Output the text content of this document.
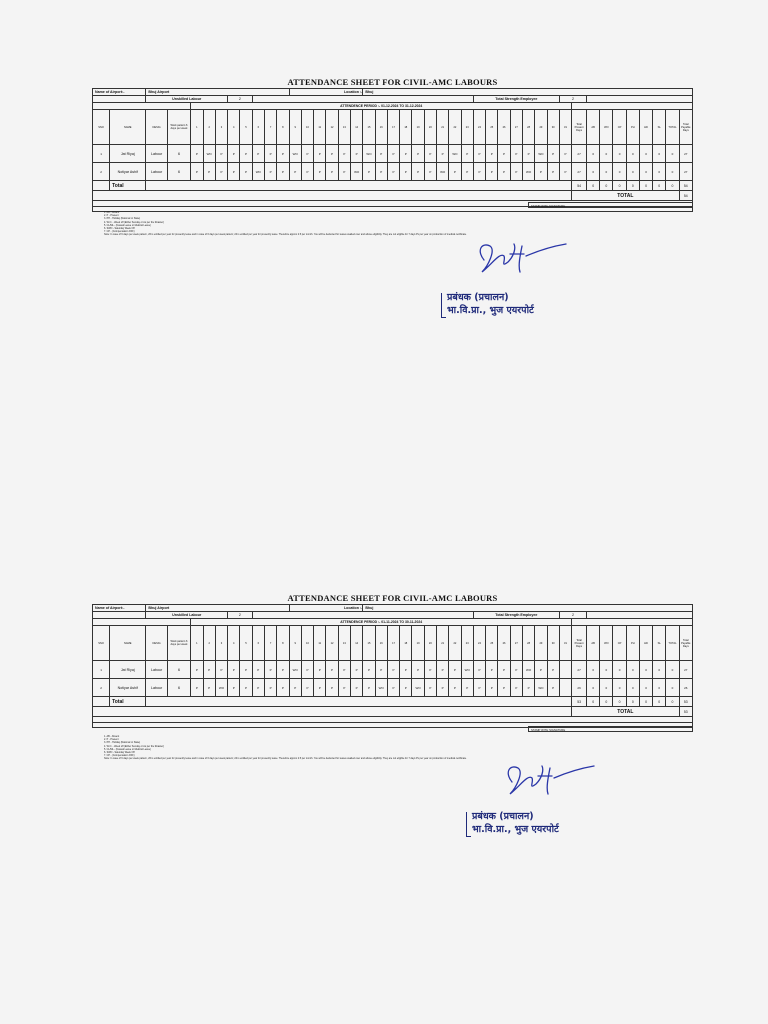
ATTENDANCE SHEET FOR CIVIL-AMC LABOURS
Name of Airport:-		Bhuj Airport										Location :-						Bhuj																									
		Unskilled Labour					2																				Total Strength Employee							2									
				ATTENDENCE PERIOD :- 01-12-2024 TO 31-12-2024																																							
SNO	NAME	DESIG	Work pattern 6 days per week	1	2	3	4	5	6	7	8	9	10	11	12	13	14	15	16	17	18	19	20	21	22	23	24	25	26	27	28	29	30	31	Total Present Days	AB	WO	CP	PH	HD	SL	TOTAL	Total Payable Days
1	Jat Riyaj	Labour	6	P	WO	P	P	P	P	P	P	WO	P	P	P	P	P	WO	P	P	P	P	P	P	WO	P	P	P	P	P	P	WO	P	P	27	0	0	0	0	0	0	0	27
2	Notiyar Ashif	Labour	6	P	P	P	P	P	WO	P	P	P	P	P	P	P	WO	P	P	P	P	P	P	WO	P	P	P	P	P	P	WO	P	P	P	27	0	0	0	0	0	0	0	27
	Total																																		54	0	0	0	0	0	0	0	54
																																			TOTAL								54

STAMP WITH SIGNATURE
1. AB - Absent
2. P - Present
3. PH - Holiday (National or State)
4. W.O. - Week off (Either Sunday or As per the Roaster)
5. CL/ML - (Casual Leave or Medical Leave)
6. SWO - Saturday Week Off
7. CP - (Compensation OFF)
Note: In case of 6 days per week pattern, 26 is entitled per year for presently leave and in case of 6 days per week pattern; 24 is entitled per year for presently leave. Therefore approx 2.5 per month. You will be deducted for leaves availed over and above eligibility. They are not eligible for 7 days PL per year on production of medical certificate.
प्रबंधक (प्रचालन)
भा.वि.प्रा., भुज एयरपोर्ट
ATTENDANCE SHEET FOR CIVIL-AMC LABOURS
Name of Airport:-		Bhuj Airport										Location :-						Bhuj																									
		Unskilled Labour					2																				Total Strength Employee							2									
				ATTENDENCE PERIOD :- 01-11-2024 TO 30-11-2024																																							
SNO	NAME	DESIG	Work pattern 6 days per week	1	2	3	4	5	6	7	8	9	10	11	12	13	14	15	16	17	18	19	20	21	22	23	24	25	26	27	28	29	30	31	Total Present Days	AB	WO	CP	PH	HD	SL	TOTAL	Total Payable Days
1	Jat Riyaj	Labour	6	P	P	P	P	P	P	P	P	WO	P	P	P	P	P	P	P	P	P	P	P	P	P	WO	P	P	P	P	WO	P	P		27	0	0	0	0	0	0	0	27
2	Notiyar Ashif	Labour	6	P	P	WO	P	P	P	P	P	P	P	P	P	P	P	P	WO	P	P	WO	P	P	P	P	P	P	P	P	P	WO	P		26	0	0	0	0	0	0	0	26
	Total																																		53	0	0	0	0	0	0	0	53
																																			TOTAL								53

STAMP WITH SIGNATURE
1. AB - Absent
2. P - Present
3. PH - Holiday (National or State)
4. W.O. - Week off (Either Sunday or As per the Roaster)
5. CL/ML - (Casual Leave or Medical Leave)
6. SWO - Saturday Week Off
7. CP - (Compensation OFF)
Note: In case of 6 days per week pattern, 26 is entitled per year for presently leave and in case of 6 days per week pattern; 24 is entitled per year for presently leave. Therefore approx 2.5 per month. You will be deducted for leaves availed over and above eligibility. They are not eligible for 7 days PL per year on production of medical certificate.
प्रबंधक (प्रचालन)
भा.वि.प्रा., भुज एयरपोर्ट
